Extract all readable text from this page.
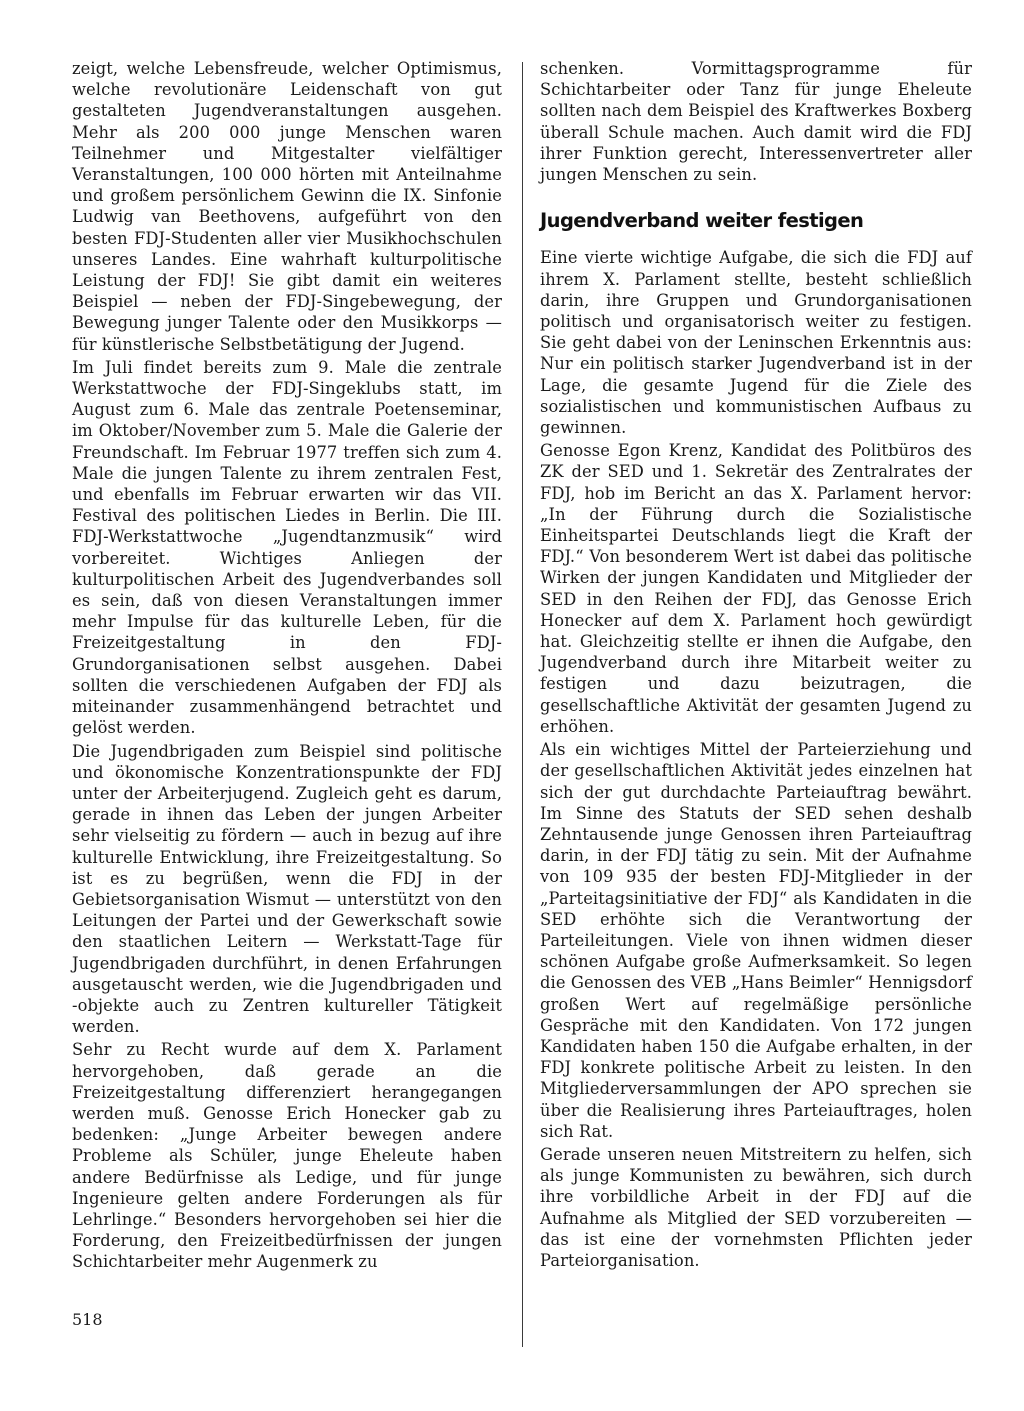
zeigt, welche Lebensfreude, welcher Optimismus, welche revolutionäre Leidenschaft von gut gestalteten Jugendveranstaltungen ausgehen. Mehr als 200 000 junge Menschen waren Teilnehmer und Mitgestalter vielfältiger Veranstaltungen, 100 000 hörten mit Anteilnahme und großem persönlichem Gewinn die IX. Sinfonie Ludwig van Beethovens, aufgeführt von den besten FDJ-Studenten aller vier Musikhochschulen unseres Landes. Eine wahrhaft kulturpolitische Leistung der FDJ! Sie gibt damit ein weiteres Beispiel — neben der FDJ-Singebewegung, der Bewegung junger Talente oder den Musikkorps — für künstlerische Selbstbetätigung der Jugend.

Im Juli findet bereits zum 9. Male die zentrale Werkstattwoche der FDJ-Singeklubs statt, im August zum 6. Male das zentrale Poetenseminar, im Oktober/November zum 5. Male die Galerie der Freundschaft. Im Februar 1977 treffen sich zum 4. Male die jungen Talente zu ihrem zentralen Fest, und ebenfalls im Februar erwarten wir das VII. Festival des politischen Liedes in Berlin. Die III. FDJ-Werkstattwoche „Jugendtanzmusik“ wird vorbereitet. Wichtiges Anliegen der kulturpolitischen Arbeit des Jugendverbandes soll es sein, daß von diesen Veranstaltungen immer mehr Impulse für das kulturelle Leben, für die Freizeitgestaltung in den FDJ-Grundorganisationen selbst ausgehen. Dabei sollten die verschiedenen Aufgaben der FDJ als miteinander zusammenhängend betrachtet und gelöst werden.

Die Jugendbrigaden zum Beispiel sind politische und ökonomische Konzentrationspunkte der FDJ unter der Arbeiterjugend. Zugleich geht es darum, gerade in ihnen das Leben der jungen Arbeiter sehr vielseitig zu fördern — auch in bezug auf ihre kulturelle Entwicklung, ihre Freizeitgestaltung. So ist es zu begrüßen, wenn die FDJ in der Gebietsorganisation Wismut — unterstützt von den Leitungen der Partei und der Gewerkschaft sowie den staatlichen Leitern — Werkstatt-Tage für Jugendbrigaden durchführt, in denen Erfahrungen ausgetauscht werden, wie die Jugendbrigaden und -objekte auch zu Zentren kultureller Tätigkeit werden.

Sehr zu Recht wurde auf dem X. Parlament hervorgehoben, daß gerade an die Freizeitgestaltung differenziert herangegangen werden muß. Genosse Erich Honecker gab zu bedenken: „Junge Arbeiter bewegen andere Probleme als Schüler, junge Eheleute haben andere Bedürfnisse als Ledige, und für junge Ingenieure gelten andere Forderungen als für Lehrlinge.“ Besonders hervorgehoben sei hier die Forderung, den Freizeitbedürfnissen der jungen Schichtarbeiter mehr Augenmerk zu

schenken. Vormittagsprogramme für Schichtarbeiter oder Tanz für junge Eheleute sollten nach dem Beispiel des Kraftwerkes Boxberg überall Schule machen. Auch damit wird die FDJ ihrer Funktion gerecht, Interessenvertreter aller jungen Menschen zu sein.

Jugendverband weiter festigen

Eine vierte wichtige Aufgabe, die sich die FDJ auf ihrem X. Parlament stellte, besteht schließlich darin, ihre Gruppen und Grundorganisationen politisch und organisatorisch weiter zu festigen. Sie geht dabei von der Leninschen Erkenntnis aus: Nur ein politisch starker Jugendverband ist in der Lage, die gesamte Jugend für die Ziele des sozialistischen und kommunistischen Aufbaus zu gewinnen.

Genosse Egon Krenz, Kandidat des Politbüros des ZK der SED und 1. Sekretär des Zentralrates der FDJ, hob im Bericht an das X. Parlament hervor: „In der Führung durch die Sozialistische Einheitspartei Deutschlands liegt die Kraft der FDJ.“ Von besonderem Wert ist dabei das politische Wirken der jungen Kandidaten und Mitglieder der SED in den Reihen der FDJ, das Genosse Erich Honecker auf dem X. Parlament hoch gewürdigt hat. Gleichzeitig stellte er ihnen die Aufgabe, den Jugendverband durch ihre Mitarbeit weiter zu festigen und dazu beizutragen, die gesellschaftliche Aktivität der gesamten Jugend zu erhöhen.

Als ein wichtiges Mittel der Parteierziehung und der gesellschaftlichen Aktivität jedes einzelnen hat sich der gut durchdachte Parteiauftrag bewährt. Im Sinne des Statuts der SED sehen deshalb Zehntausende junge Genossen ihren Parteiauftrag darin, in der FDJ tätig zu sein. Mit der Aufnahme von 109 935 der besten FDJ-Mitglieder in der „Parteitagsinitiative der FDJ“ als Kandidaten in die SED erhöhte sich die Verantwortung der Parteileitungen. Viele von ihnen widmen dieser schönen Aufgabe große Aufmerksamkeit. So legen die Genossen des VEB „Hans Beimler“ Hennigsdorf großen Wert auf regelmäßige persönliche Gespräche mit den Kandidaten. Von 172 jungen Kandidaten haben 150 die Aufgabe erhalten, in der FDJ konkrete politische Arbeit zu leisten. In den Mitgliederversammlungen der APO sprechen sie über die Realisierung ihres Parteiauftrages, holen sich Rat.

Gerade unseren neuen Mitstreitern zu helfen, sich als junge Kommunisten zu bewähren, sich durch ihre vorbildliche Arbeit in der FDJ auf die Aufnahme als Mitglied der SED vorzubereiten — das ist eine der vornehmsten Pflichten jeder Parteiorganisation.

518
